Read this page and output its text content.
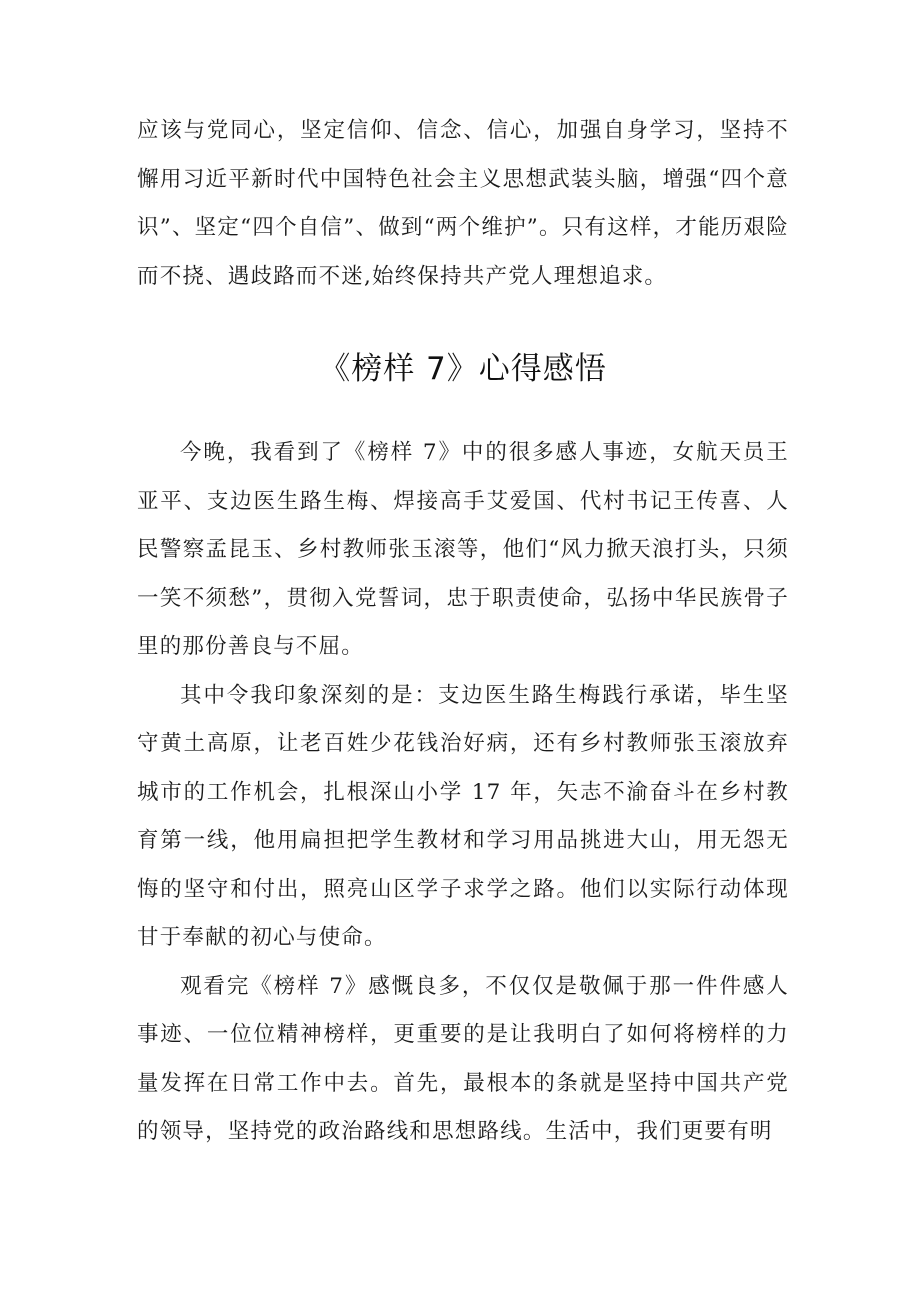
应该与党同心，坚定信仰、信念、信心，加强自身学习，坚持不懈用习近平新时代中国特色社会主义思想武装头脑，增强“四个意识”、坚定“四个自信”、做到“两个维护”。只有这样，才能历艰险而不挠、遇歧路而不迷,始终保持共产党人理想追求。

《榜样 7》心得感悟

今晚，我看到了《榜样 7》中的很多感人事迹，女航天员王亚平、支边医生路生梅、焊接高手艾爱国、代村书记王传喜、人民警察孟昆玉、乡村教师张玉滚等，他们“风力掀天浪打头，只须一笑不须愁”，贯彻入党誓词，忠于职责使命，弘扬中华民族骨子里的那份善良与不屈。

其中令我印象深刻的是：支边医生路生梅践行承诺，毕生坚守黄土高原，让老百姓少花钱治好病，还有乡村教师张玉滚放弃城市的工作机会，扎根深山小学 17 年，矢志不渝奋斗在乡村教育第一线，他用扁担把学生教材和学习用品挑进大山，用无怨无悔的坚守和付出，照亮山区学子求学之路。他们以实际行动体现甘于奉献的初心与使命。

观看完《榜样 7》感慨良多，不仅仅是敬佩于那一件件感人事迹、一位位精神榜样，更重要的是让我明白了如何将榜样的力量发挥在日常工作中去。首先，最根本的条就是坚持中国共产党的领导，坚持党的政治路线和思想路线。生活中，我们更要有明
